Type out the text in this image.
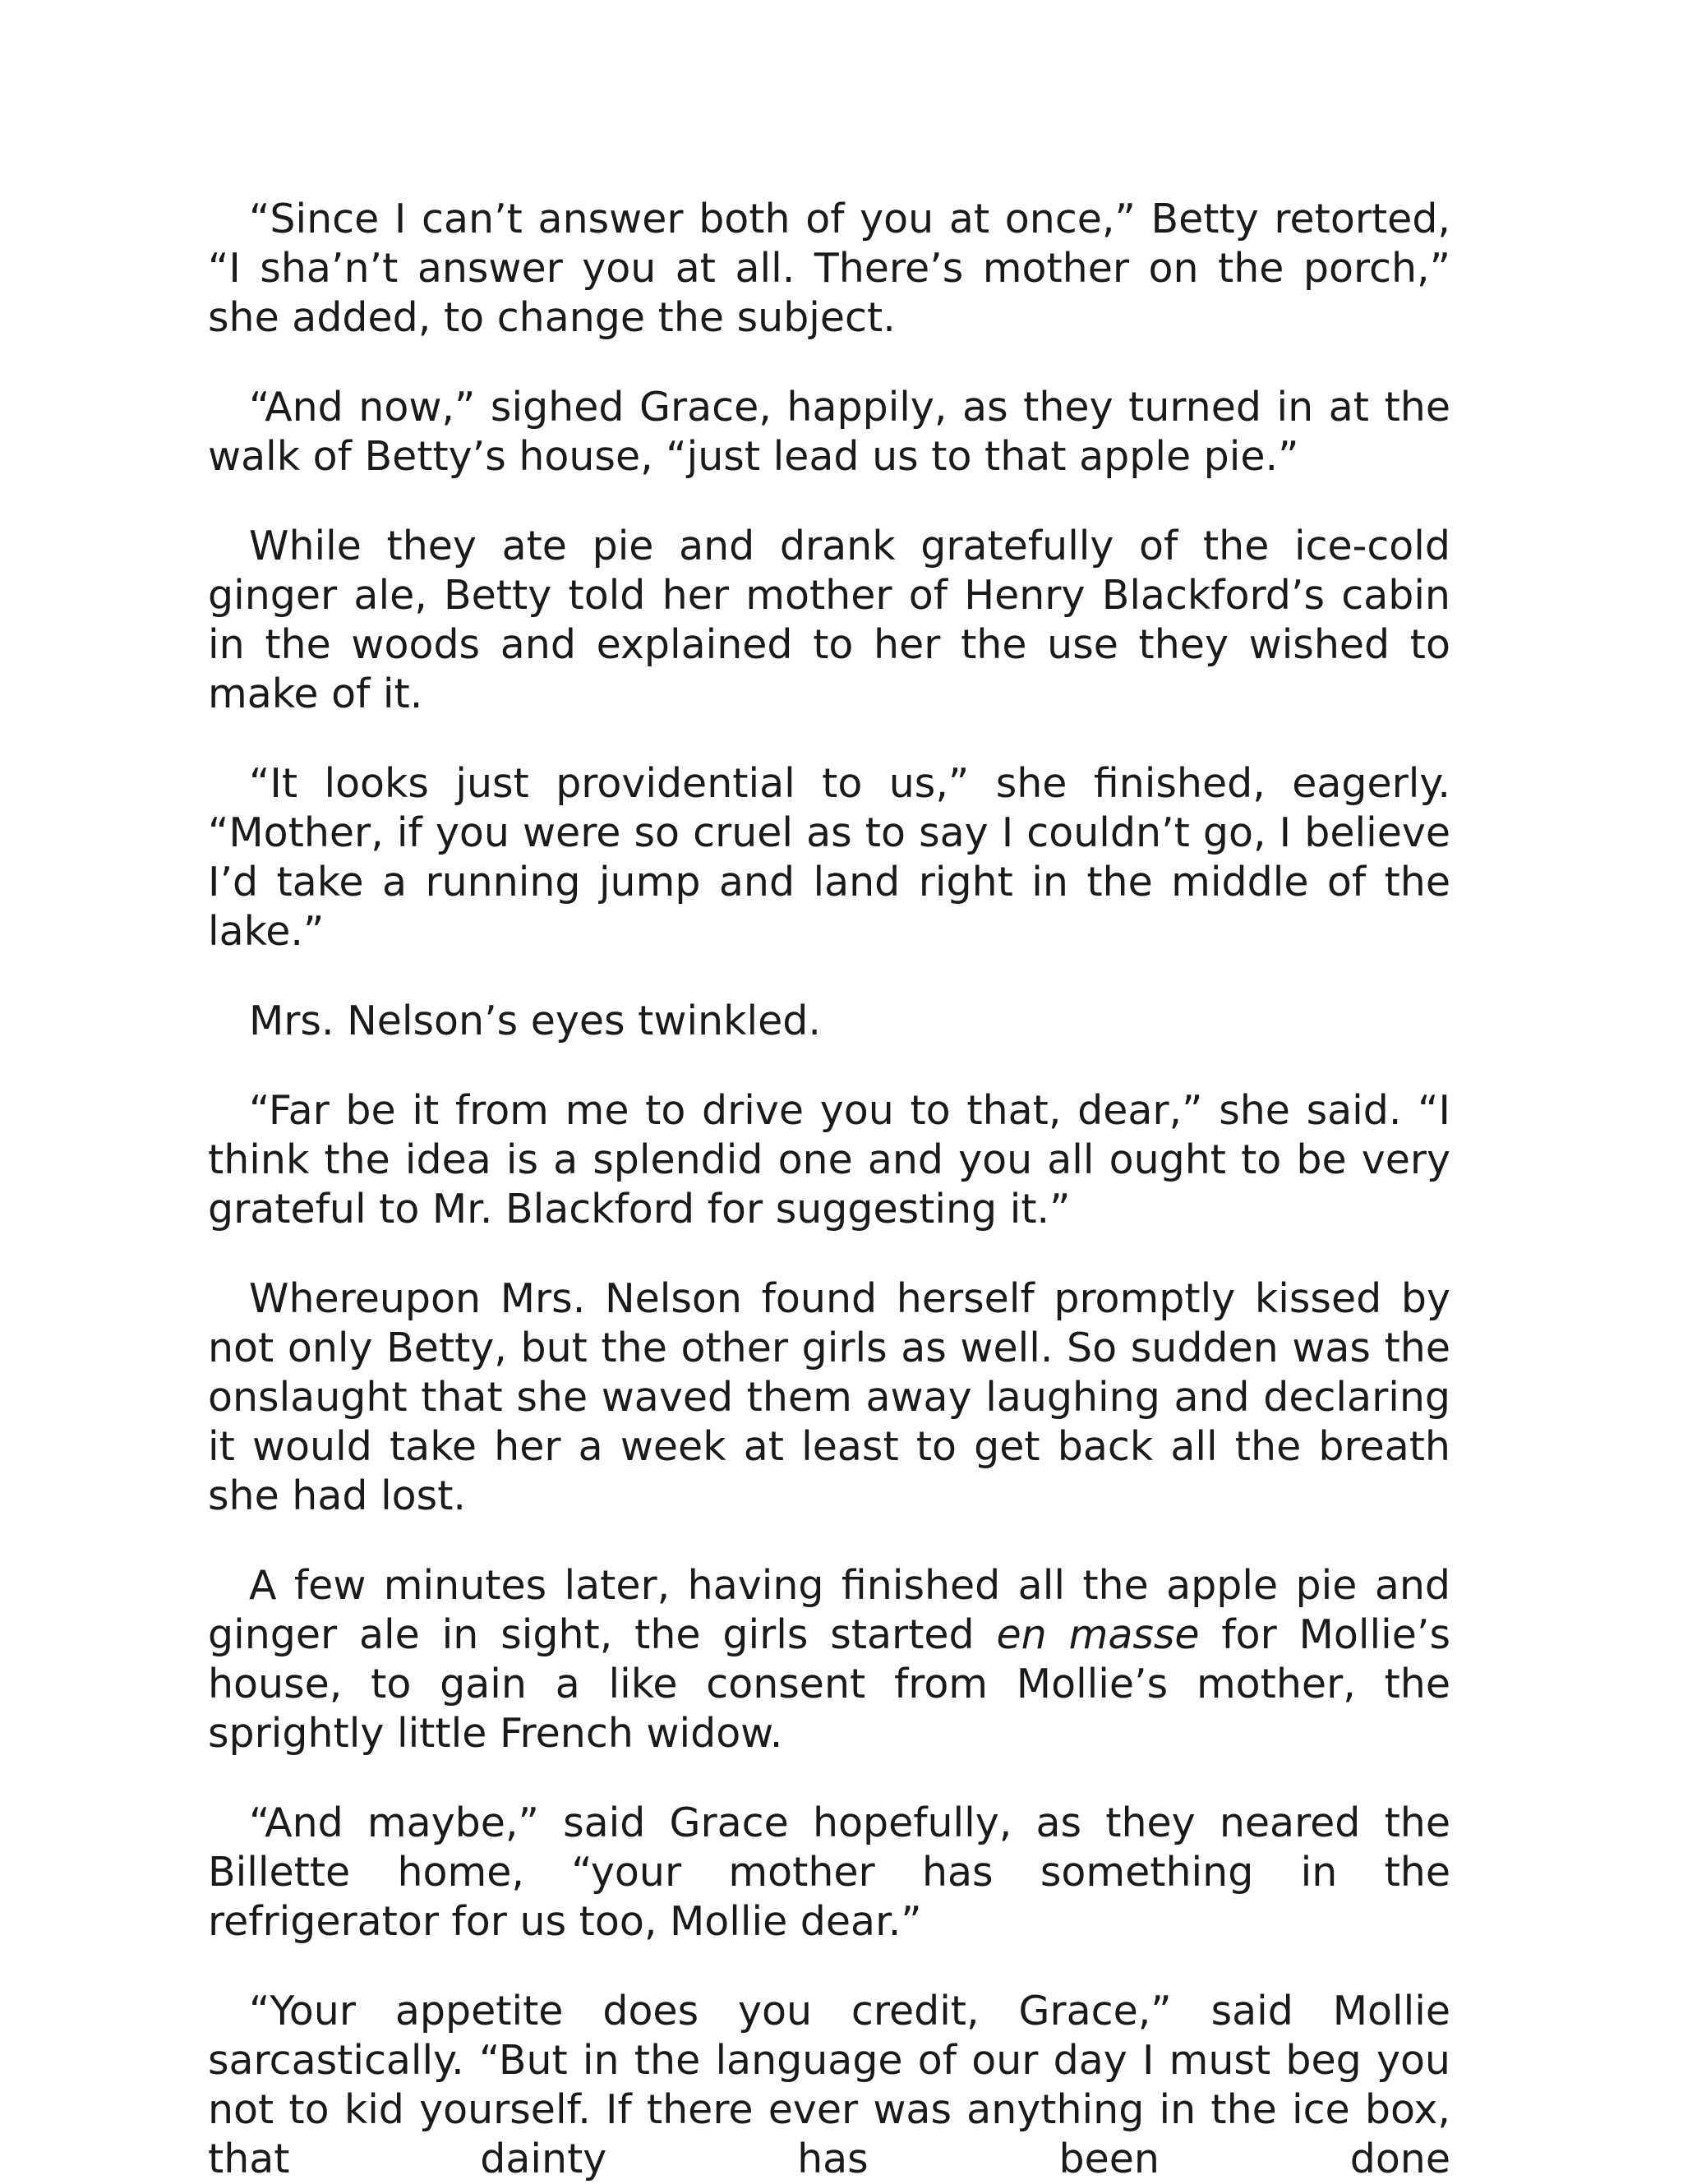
“Since I can’t answer both of you at once,” Betty retorted, “I sha’n’t answer you at all. There’s mother on the porch,” she added, to change the subject.

“And now,” sighed Grace, happily, as they turned in at the walk of Betty’s house, “just lead us to that apple pie.”

While they ate pie and drank gratefully of the ice-cold ginger ale, Betty told her mother of Henry Blackford’s cabin in the woods and explained to her the use they wished to make of it.

“It looks just providential to us,” she finished, eagerly. “Mother, if you were so cruel as to say I couldn’t go, I believe I’d take a running jump and land right in the middle of the lake.”

Mrs. Nelson’s eyes twinkled.

“Far be it from me to drive you to that, dear,” she said. “I think the idea is a splendid one and you all ought to be very grateful to Mr. Blackford for suggesting it.”

Whereupon Mrs. Nelson found herself promptly kissed by not only Betty, but the other girls as well. So sudden was the onslaught that she waved them away laughing and declaring it would take her a week at least to get back all the breath she had lost.

A few minutes later, having finished all the apple pie and ginger ale in sight, the girls started en masse for Mollie’s house, to gain a like consent from Mollie’s mother, the sprightly little French widow.

“And maybe,” said Grace hopefully, as they neared the Billette home, “your mother has something in the refrigerator for us too, Mollie dear.”

“Your appetite does you credit, Grace,” said Mollie sarcastically. “But in the language of our day I must beg you not to kid yourself. If there ever was anything in the ice box, that dainty has been done
